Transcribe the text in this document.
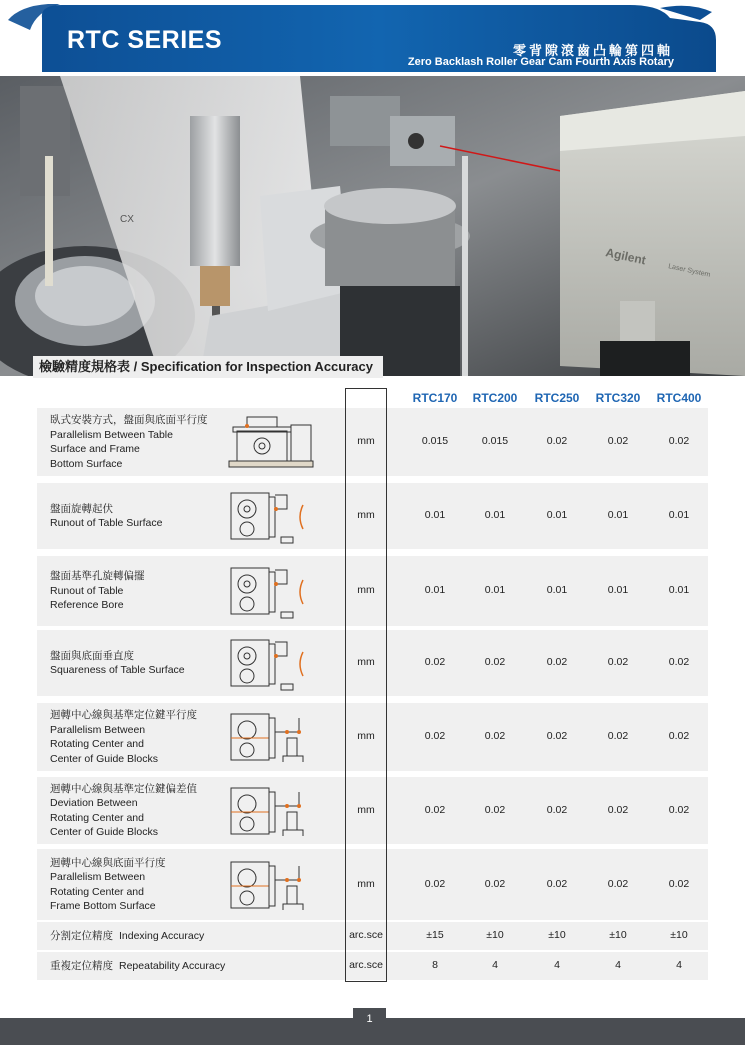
RTC SERIES	零背隙滾齒凸輪第四軸
Zero Backlash Roller Gear Cam Fourth Axis Rotary
CX
Agilent
Laser System
檢驗精度規格表 / Specification for Inspection Accuracy
RTC170	RTC200	RTC250	RTC320	RTC400
臥式安裝方式，盤面與底面平行度
Parallelism Between Table
Surface and Frame
Bottom Surface
mm	0.015	0.015	0.02	0.02	0.02
盤面旋轉起伏
Runout of Table Surface
mm	0.01	0.01	0.01	0.01	0.01
盤面基準孔旋轉偏擺
Runout of Table
Reference Bore
mm	0.01	0.01	0.01	0.01	0.01
盤面與底面垂直度
Squareness of Table Surface
mm	0.02	0.02	0.02	0.02	0.02
迴轉中心線與基準定位鍵平行度
Parallelism Between
Rotating Center and
Center of Guide Blocks
mm	0.02	0.02	0.02	0.02	0.02
迴轉中心線與基準定位鍵偏差值
Deviation Between
Rotating Center and
Center of Guide Blocks
mm	0.02	0.02	0.02	0.02	0.02
迴轉中心線與底面平行度
Parallelism Between
Rotating Center and
Frame Bottom Surface
mm	0.02	0.02	0.02	0.02	0.02
分割定位精度 Indexing Accuracy	arc.sce	±15	±10	±10	±10	±10
重複定位精度 Repeatability Accuracy	arc.sce	8	4	4	4	4
1
